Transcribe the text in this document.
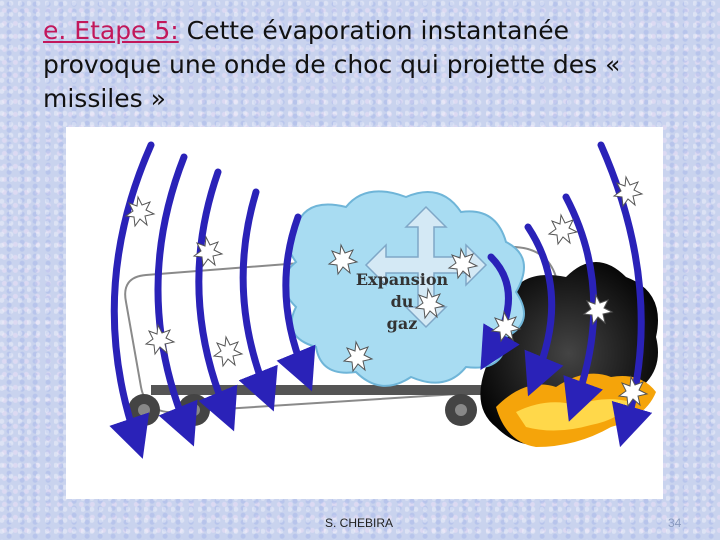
e. Etape 5: Cette évaporation instantanée provoque une onde de choc qui projette des « missiles »
Expansion
du
gaz
S. CHEBIRA	34
